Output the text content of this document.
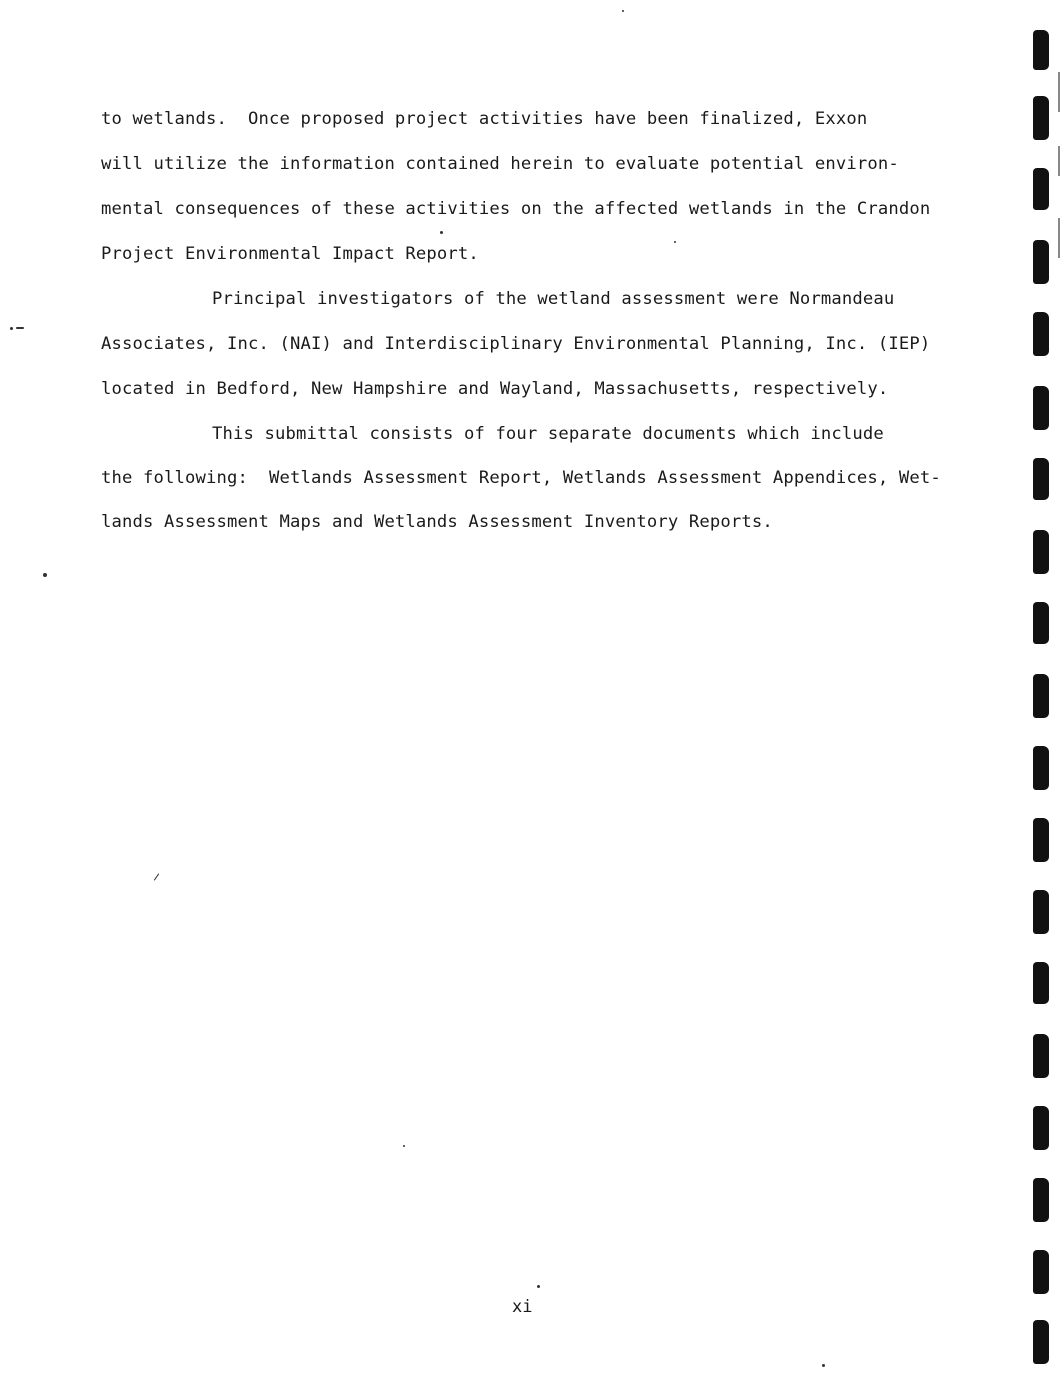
to wetlands.  Once proposed project activities have been finalized, Exxon
will utilize the information contained herein to evaluate potential environ-
mental consequences of these activities on the affected wetlands in the Crandon
Project Environmental Impact Report.
Principal investigators of the wetland assessment were Normandeau
Associates, Inc. (NAI) and Interdisciplinary Environmental Planning, Inc. (IEP)
located in Bedford, New Hampshire and Wayland, Massachusetts, respectively.
This submittal consists of four separate documents which include
the following:  Wetlands Assessment Report, Wetlands Assessment Appendices, Wet-
lands Assessment Maps and Wetlands Assessment Inventory Reports.
xi
